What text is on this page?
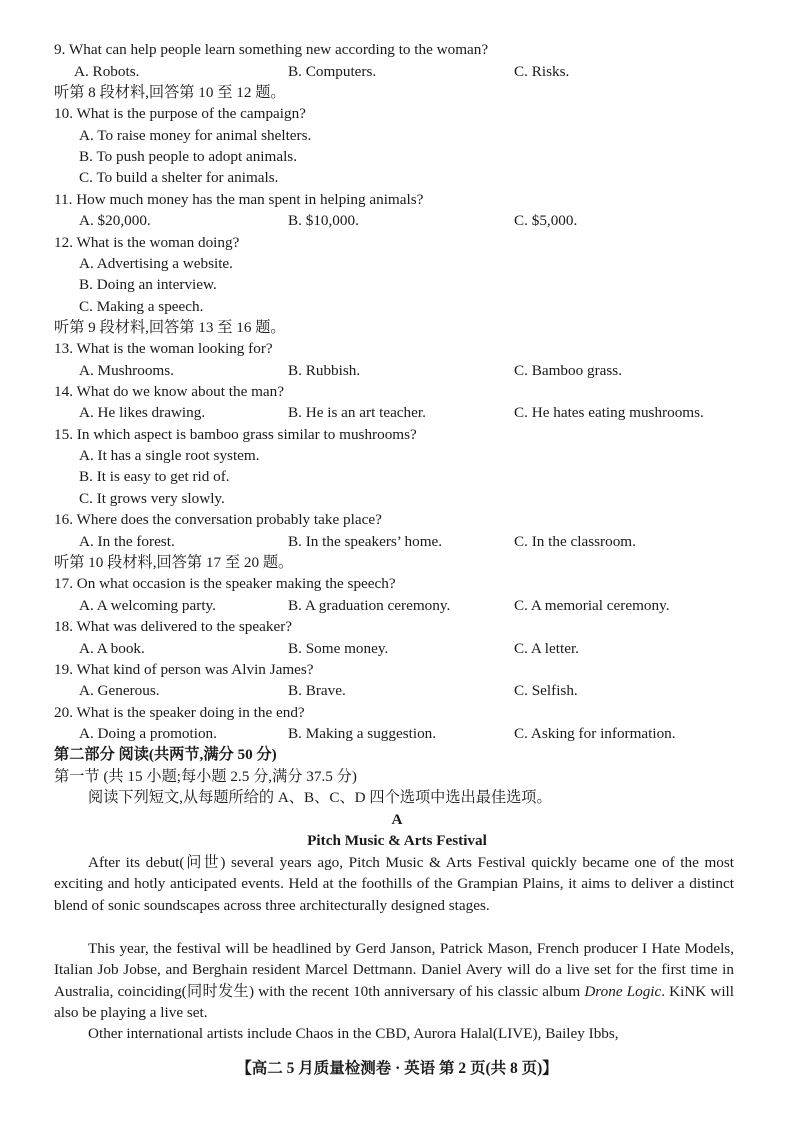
9. What can help people learn something new according to the woman?
A. Robots.	B. Computers.	C. Risks.
听第 8 段材料,回答第 10 至 12 题。
10. What is the purpose of the campaign?
A. To raise money for animal shelters.
B. To push people to adopt animals.
C. To build a shelter for animals.
11. How much money has the man spent in helping animals?
A. $20,000.	B. $10,000.	C. $5,000.
12. What is the woman doing?
A. Advertising a website.
B. Doing an interview.
C. Making a speech.
听第 9 段材料,回答第 13 至 16 题。
13. What is the woman looking for?
A. Mushrooms.	B. Rubbish.	C. Bamboo grass.
14. What do we know about the man?
A. He likes drawing.	B. He is an art teacher.	C. He hates eating mushrooms.
15. In which aspect is bamboo grass similar to mushrooms?
A. It has a single root system.
B. It is easy to get rid of.
C. It grows very slowly.
16. Where does the conversation probably take place?
A. In the forest.	B. In the speakers’ home.	C. In the classroom.
听第 10 段材料,回答第 17 至 20 题。
17. On what occasion is the speaker making the speech?
A. A welcoming party.	B. A graduation ceremony.	C. A memorial ceremony.
18. What was delivered to the speaker?
A. A book.	B. Some money.	C. A letter.
19. What kind of person was Alvin James?
A. Generous.	B. Brave.	C. Selfish.
20. What is the speaker doing in the end?
A. Doing a promotion.	B. Making a suggestion.	C. Asking for information.
第二部分 阅读(共两节,满分 50 分)
第一节 (共 15 小题;每小题 2.5 分,满分 37.5 分)
阅读下列短文,从每题所给的 A、B、C、D 四个选项中选出最佳选项。
A
Pitch Music & Arts Festival
After its debut(问世) several years ago, Pitch Music & Arts Festival quickly became one of the most exciting and hotly anticipated events. Held at the foothills of the Grampian Plains, it aims to deliver a distinct blend of sonic soundscapes across three architecturally designed stages.
This year, the festival will be headlined by Gerd Janson, Patrick Mason, French producer I Hate Models, Italian Job Jobse, and Berghain resident Marcel Dettmann. Daniel Avery will do a live set for the first time in Australia, coinciding(同时发生) with the recent 10th anniversary of his classic album Drone Logic. KiNK will also be playing a live set.
Other international artists include Chaos in the CBD, Aurora Halal(LIVE), Bailey Ibbs,
【高二 5 月质量检测卷 · 英语 第 2 页(共 8 页)】
